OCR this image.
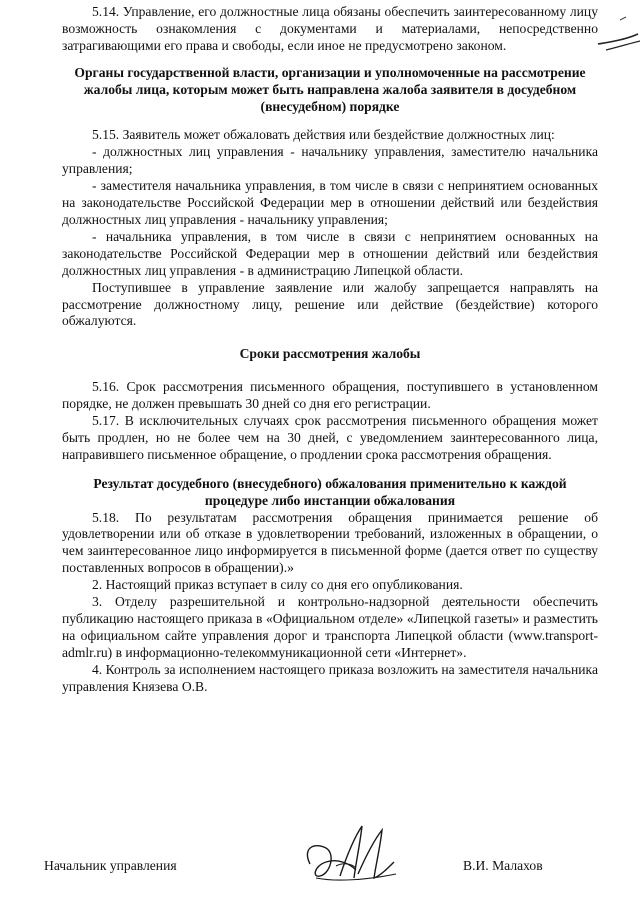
5.14. Управление, его должностные лица обязаны обеспечить заинтересованному лицу возможность ознакомления с документами и материалами, непосредственно затрагивающими его права и свободы, если иное не предусмотрено законом.

Органы государственной власти, организации и уполномоченные на рассмотрение жалобы лица, которым может быть направлена жалоба заявителя в досудебном (внесудебном) порядке

5.15. Заявитель может обжаловать действия или бездействие должностных лиц:

- должностных лиц управления - начальнику управления, заместителю начальника управления;

- заместителя начальника управления, в том числе в связи с непринятием основанных на законодательстве Российской Федерации мер в отношении действий или бездействия должностных лиц управления - начальнику управления;

- начальника управления, в том числе в связи с непринятием основанных на законодательстве Российской Федерации мер в отношении действий или бездействия должностных лиц управления - в администрацию Липецкой области.

Поступившее в управление заявление или жалобу запрещается направлять на рассмотрение должностному лицу, решение или действие (бездействие) которого обжалуются.

Сроки рассмотрения жалобы

5.16. Срок рассмотрения письменного обращения, поступившего в установленном порядке, не должен превышать 30 дней со дня его регистрации.

5.17. В исключительных случаях срок рассмотрения письменного обращения может быть продлен, но не более чем на 30 дней, с уведомлением заинтересованного лица, направившего письменное обращение, о продлении срока рассмотрения обращения.

Результат досудебного (внесудебного) обжалования применительно к каждой процедуре либо инстанции обжалования

5.18. По результатам рассмотрения обращения принимается решение об удовлетворении или об отказе в удовлетворении требований, изложенных в обращении, о чем заинтересованное лицо информируется в письменной форме (дается ответ по существу поставленных вопросов в обращении).»

2. Настоящий приказ вступает в силу со дня его опубликования.

3. Отделу разрешительной и контрольно-надзорной деятельности обеспечить публикацию настоящего приказа в «Официальном отделе» «Липецкой газеты» и разместить на официальном сайте управления дорог и транспорта Липецкой области (www.transport-admlr.ru) в информационно-телекоммуникационной сети «Интернет».

4. Контроль за исполнением настоящего приказа возложить на заместителя начальника управления Князева О.В.

Начальник управления	В.И. Малахов
